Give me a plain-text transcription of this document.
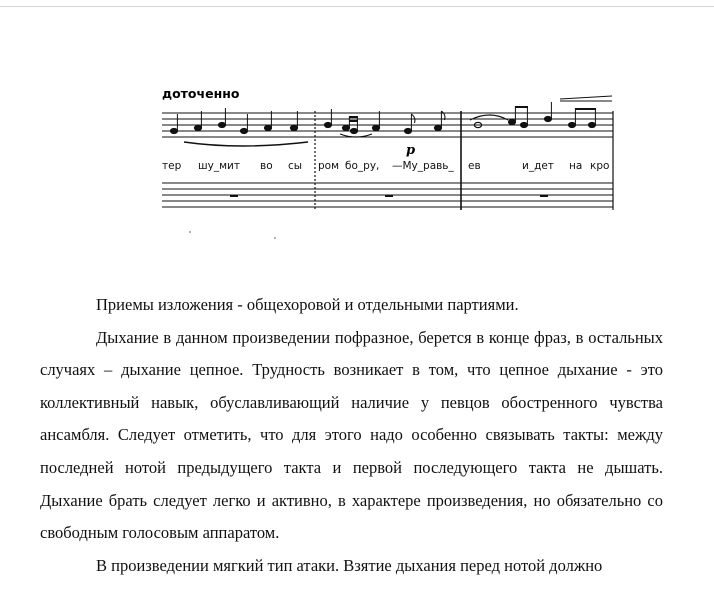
доточенно
p
тер шу_мит во сы ром бо_ру, —Му_равь_ ев	и_дет на кро

Приемы изложения - общехоровой и отдельными партиями.

Дыхание в данном произведении пофразное, берется в конце фраз, в остальных случаях – дыхание цепное. Трудность возникает в том, что цепное дыхание - это коллективный навык, обуславливающий наличие у певцов обостренного чувства ансамбля. Следует отметить, что для этого надо особенно связывать такты: между последней нотой предыдущего такта и первой последующего такта не дышать. Дыхание брать следует легко и активно, в характере произведения, но обязательно со свободным голосовым аппаратом.

В произведении мягкий тип атаки. Взятие дыхания перед нотой должно
